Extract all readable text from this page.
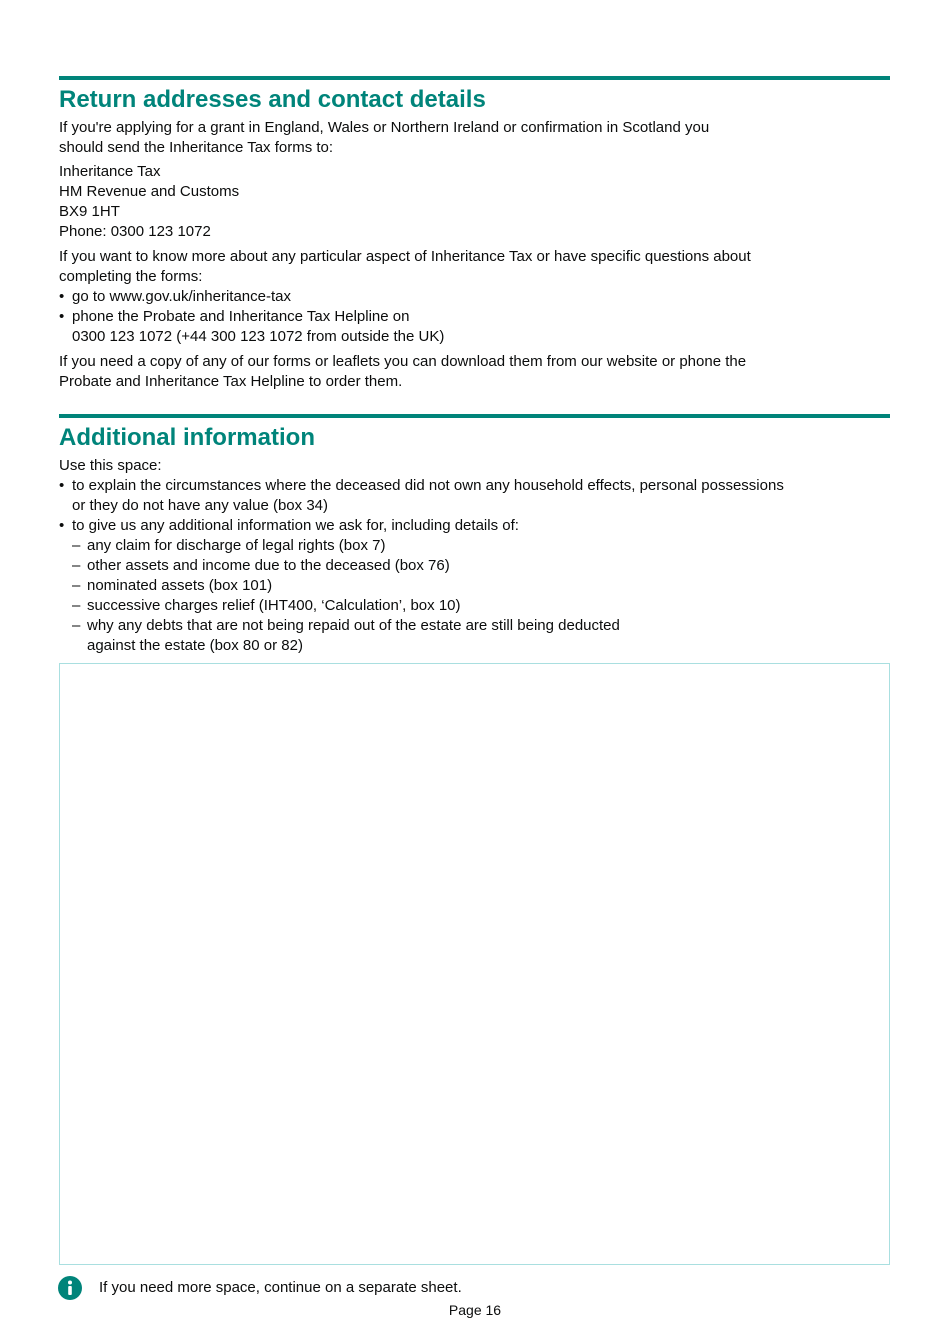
Return addresses and contact details
If you're applying for a grant in England, Wales or Northern Ireland or confirmation in Scotland you
should send the Inheritance Tax forms to:
Inheritance Tax
HM Revenue and Customs
BX9 1HT
Phone: 0300 123 1072
If you want to know more about any particular aspect of Inheritance Tax or have specific questions about
completing the forms:
• go to www.gov.uk/inheritance-tax
• phone the Probate and Inheritance Tax Helpline on
0300 123 1072 (+44 300 123 1072 from outside the UK)
If you need a copy of any of our forms or leaflets you can download them from our website or phone the
Probate and Inheritance Tax Helpline to order them.
Additional information
Use this space:
• to explain the circumstances where the deceased did not own any household effects, personal possessions
or they do not have any value (box 34)
• to give us any additional information we ask for, including details of:
– any claim for discharge of legal rights (box 7)
– other assets and income due to the deceased (box 76)
– nominated assets (box 101)
– successive charges relief (IHT400, ‘Calculation’, box 10)
– why any debts that are not being repaid out of the estate are still being deducted
against the estate (box 80 or 82)
If you need more space, continue on a separate sheet.
Page 16
